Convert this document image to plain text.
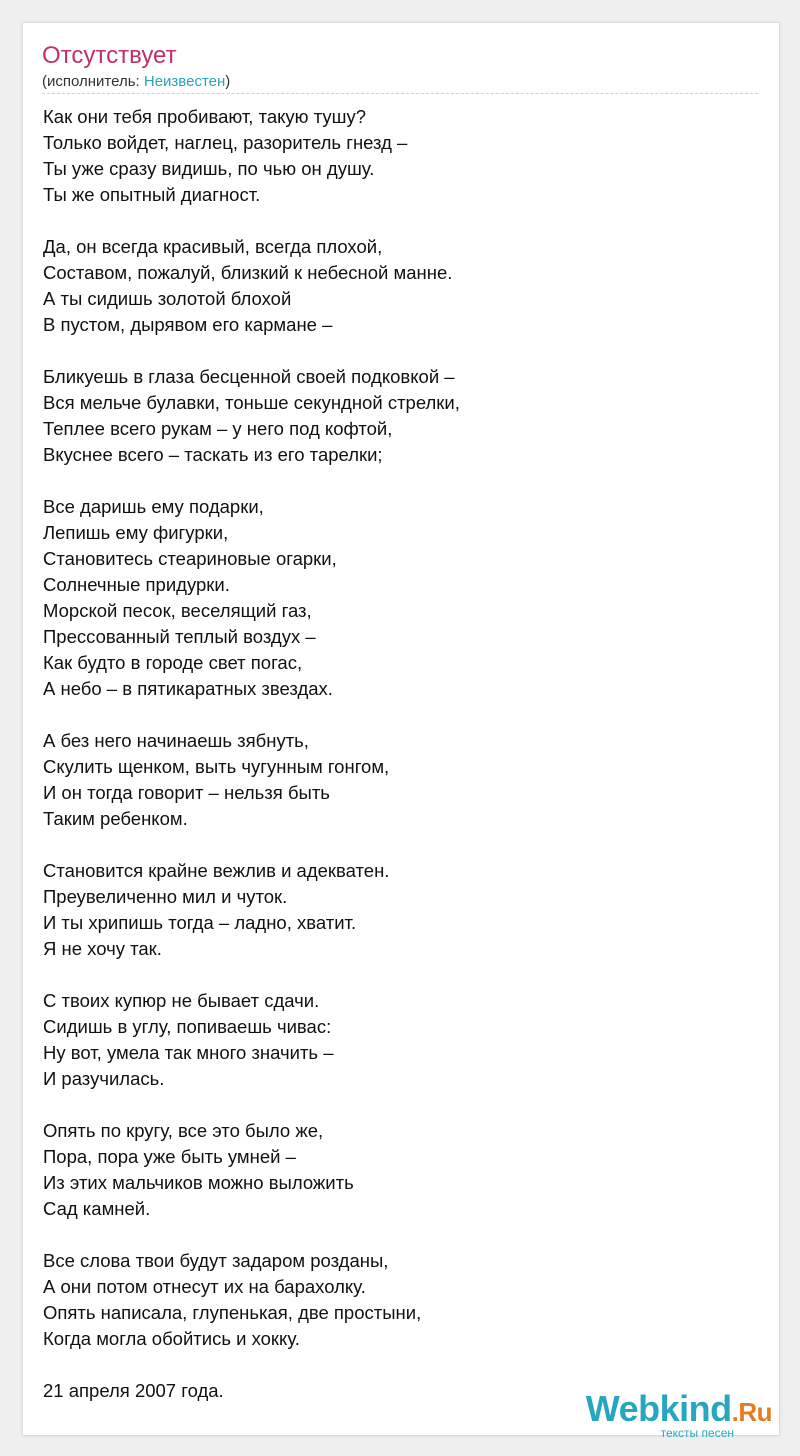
Отсутствует
(исполнитель: Неизвестен)
Как они тебя пробивают, такую тушу?
Только войдет, наглец, разоритель гнезд –
Ты уже сразу видишь, по чью он душу.
Ты же опытный диагност.
Да, он всегда красивый, всегда плохой,
Составом, пожалуй, близкий к небесной манне.
А ты сидишь золотой блохой
В пустом, дырявом его кармане –
Бликуешь в глаза бесценной своей подковкой –
Вся мельче булавки, тоньше секундной стрелки,
Теплее всего рукам – у него под кофтой,
Вкуснее всего – таскать из его тарелки;
Все даришь ему подарки,
Лепишь ему фигурки,
Становитесь стеариновые огарки,
Солнечные придурки.
Морской песок, веселящий газ,
Прессованный теплый воздух –
Как будто в городе свет погас,
А небо – в пятикаратных звездах.
А без него начинаешь зябнуть,
Скулить щенком, выть чугунным гонгом,
И он тогда говорит – нельзя быть
Таким ребенком.
Становится крайне вежлив и адекватен.
Преувеличенно мил и чуток.
И ты хрипишь тогда – ладно, хватит.
Я не хочу так.
С твоих купюр не бывает сдачи.
Сидишь в углу, попиваешь чивас:
Ну вот, умела так много значить –
И разучилась.
Опять по кругу, все это было же,
Пора, пора уже быть умней –
Из этих мальчиков можно выложить
Сад камней.
Все слова твои будут задаром розданы,
А они потом отнесут их на барахолку.
Опять написала, глупенькая, две простыни,
Когда могла обойтись и хокку.
21 апреля 2007 года.	Webkind.Ru
тексты песен
